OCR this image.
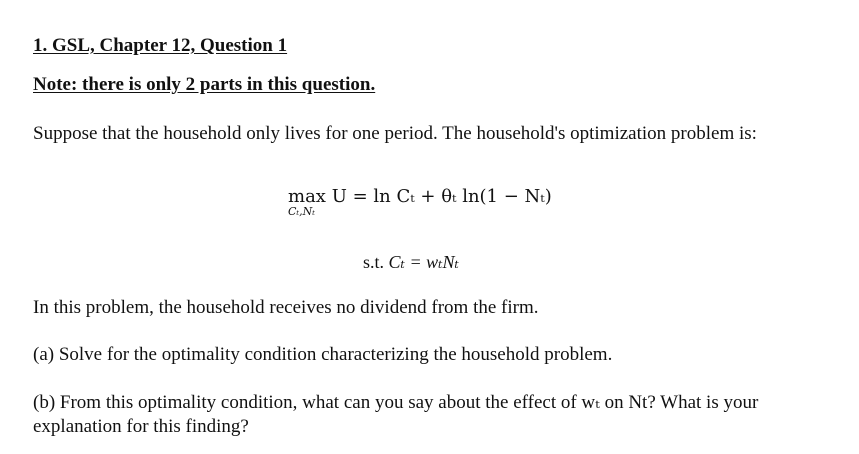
1. GSL, Chapter 12, Question 1
Note: there is only 2 parts in this question.
Suppose that the household only lives for one period. The household's optimization problem is:
max
Cₜ,Nₜ
U = ln Cₜ + θₜ ln(1 − Nₜ)
s.t. Cₜ = wₜNₜ
In this problem, the household receives no dividend from the firm.
(a) Solve for the optimality condition characterizing the household problem.
(b) From this optimality condition, what can you say about the effect of wₜ on Nt? What is your explanation for this finding?
